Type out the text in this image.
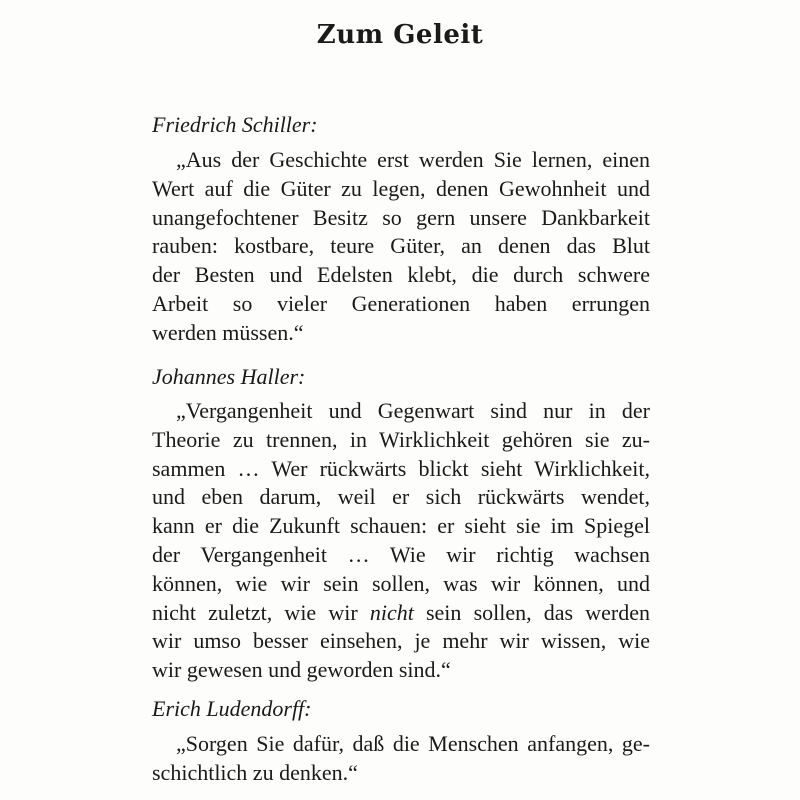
Zum Geleit
Friedrich Schiller:
„Aus der Geschichte erst werden Sie lernen, einen
Wert auf die Güter zu legen, denen Gewohnheit und
unangefochtener Besitz so gern unsere Dankbarkeit
rauben: kostbare, teure Güter, an denen das Blut
der Besten und Edelsten klebt, die durch schwere
Arbeit so vieler Generationen haben errungen
werden müssen.“
Johannes Haller:
„Vergangenheit und Gegenwart sind nur in der
Theorie zu trennen, in Wirklichkeit gehören sie zu-
sammen … Wer rückwärts blickt sieht Wirklichkeit,
und eben darum, weil er sich rückwärts wendet,
kann er die Zukunft schauen: er sieht sie im Spiegel
der Vergangenheit … Wie wir richtig wachsen
können, wie wir sein sollen, was wir können, und
nicht zuletzt, wie wir nicht sein sollen, das werden
wir umso besser einsehen, je mehr wir wissen, wie
wir gewesen und geworden sind.“
Erich Ludendorff:
„Sorgen Sie dafür, daß die Menschen anfangen, ge-
schichtlich zu denken.“
